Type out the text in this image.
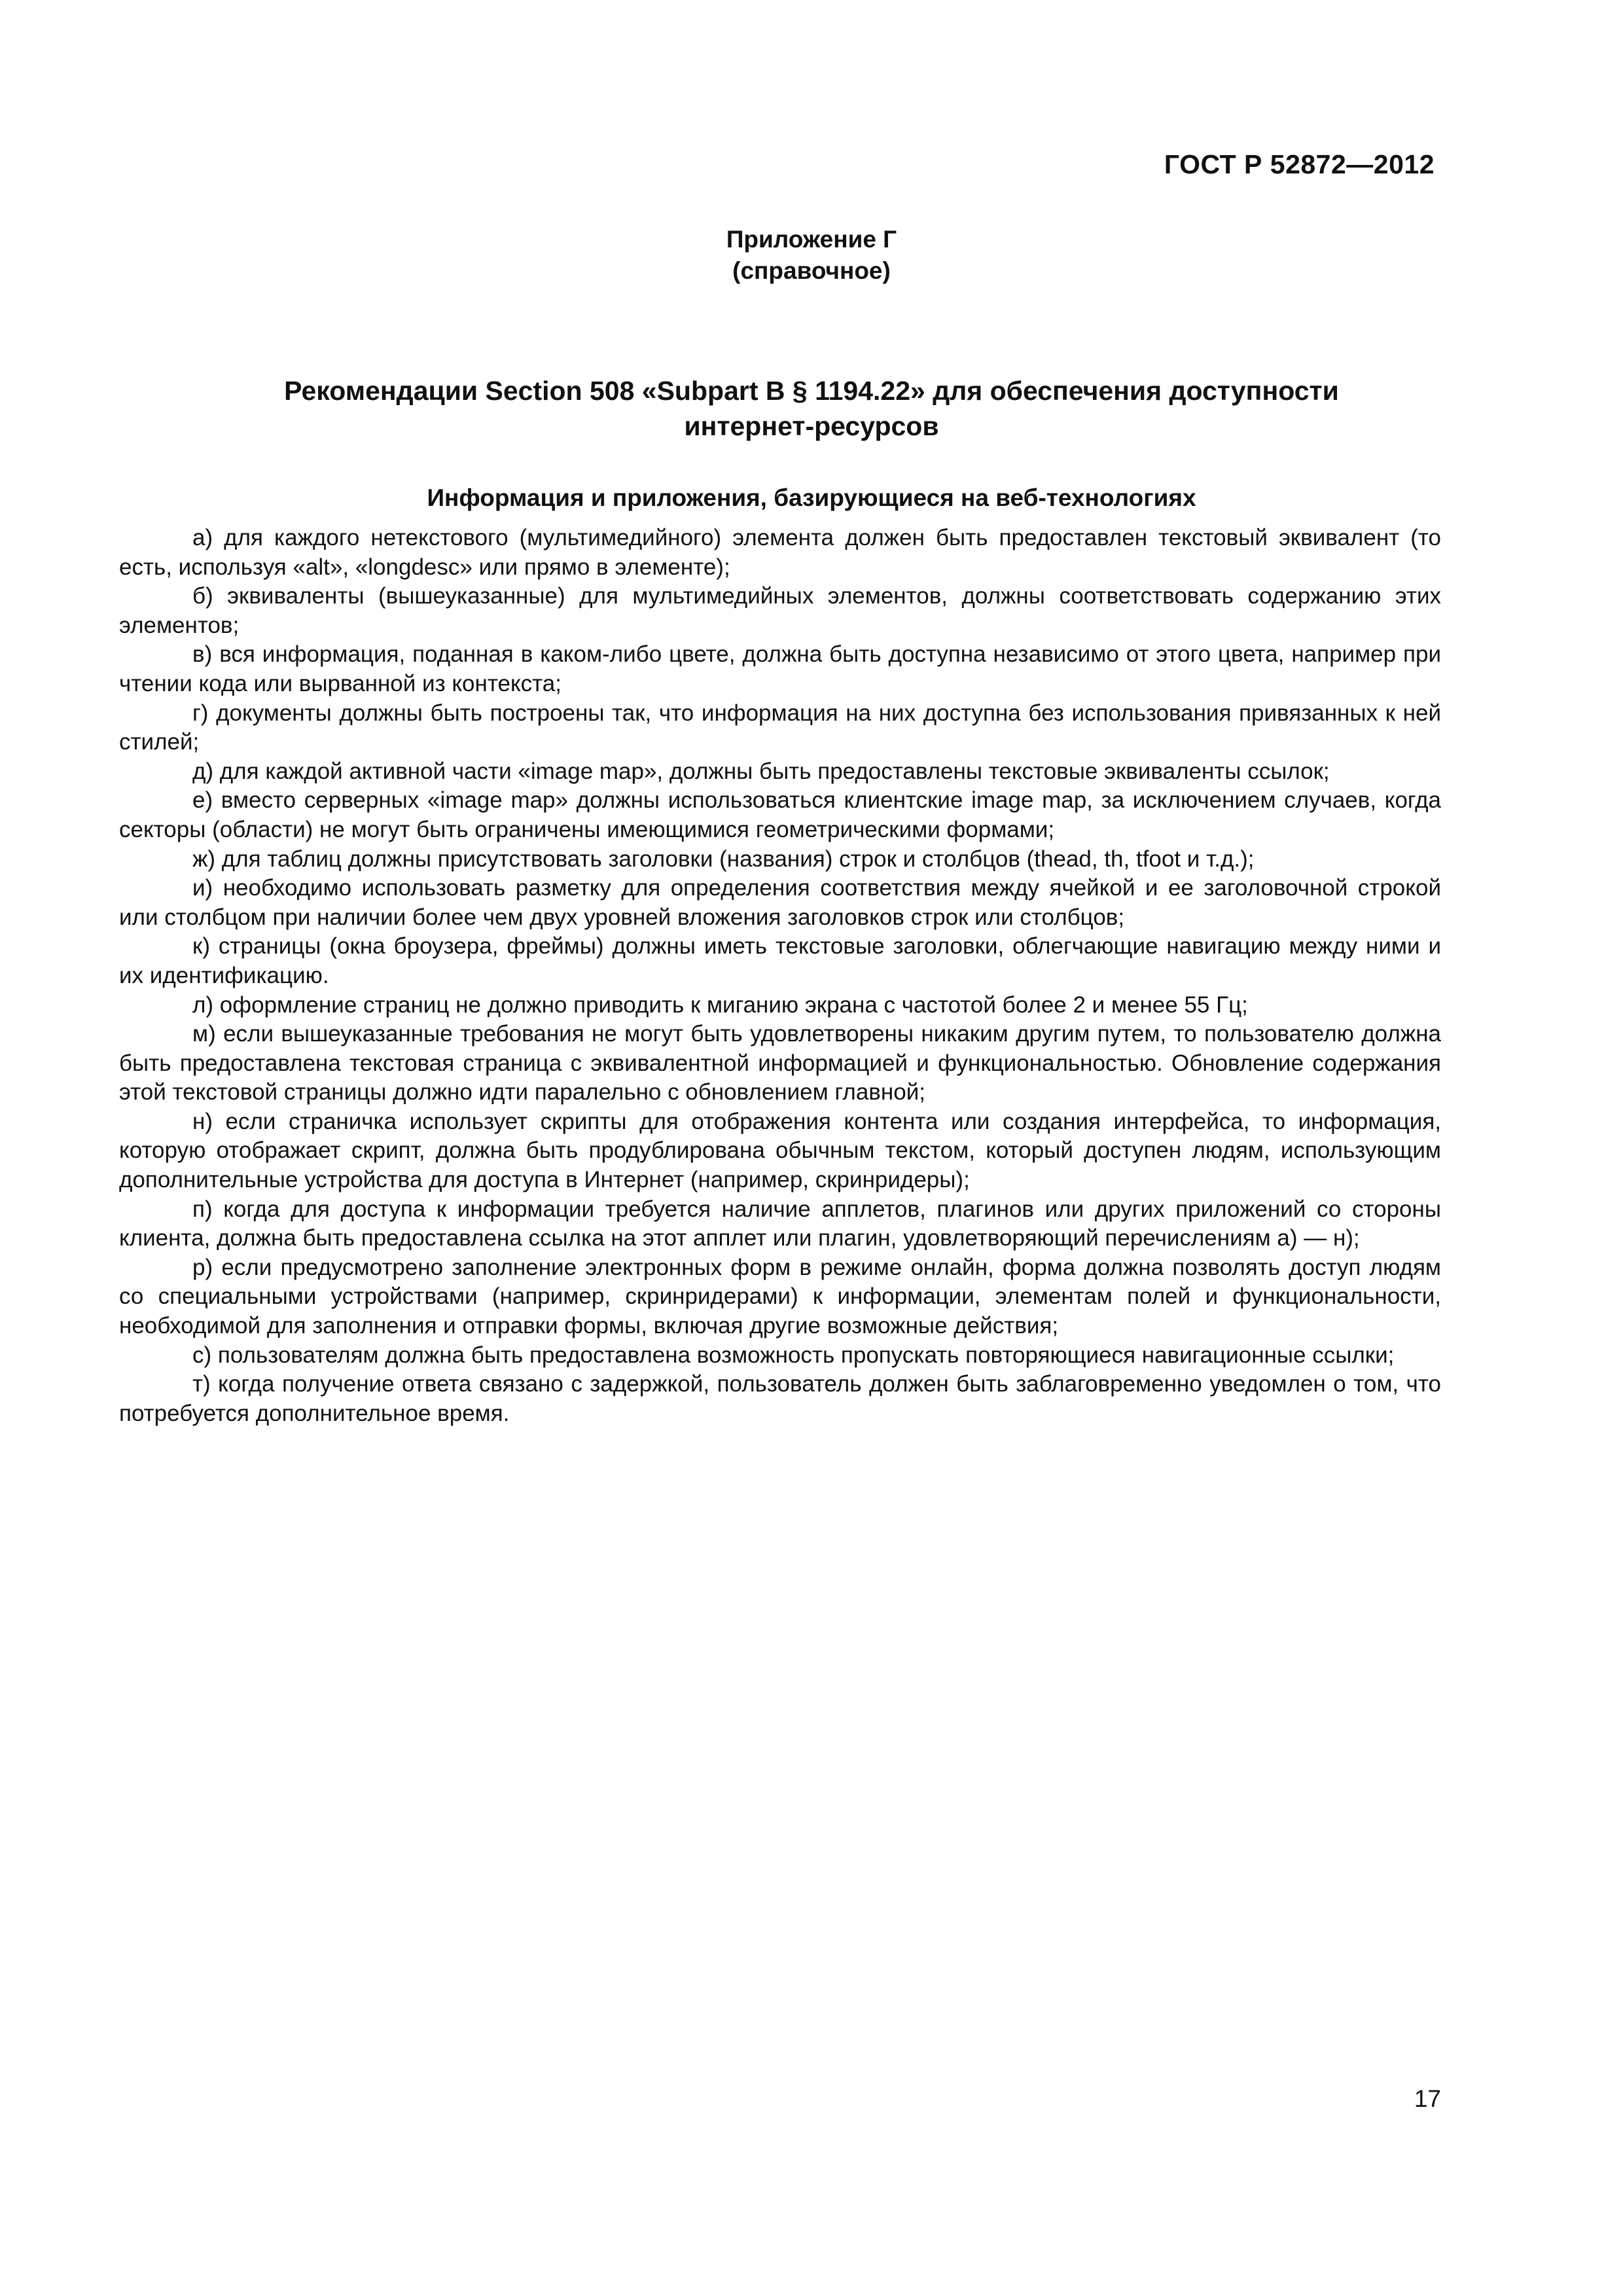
ГОСТ Р 52872—2012
Приложение Г
(справочное)
Рекомендации Section 508 «Subpart B § 1194.22» для обеспечения доступности
интернет-ресурсов
Информация и приложения, базирующиеся на веб-технологиях

а) для каждого нетекстового (мультимедийного) элемента должен быть предоставлен текстовый эквивалент (то есть, используя «alt», «longdesc» или прямо в элементе);

б) эквиваленты (вышеуказанные) для мультимедийных элементов, должны соответствовать содержанию этих элементов;

в) вся информация, поданная в каком-либо цвете, должна быть доступна независимо от этого цвета, например при чтении кода или вырванной из контекста;

г) документы должны быть построены так, что информация на них доступна без использования привязанных к ней стилей;

д) для каждой активной части «image map», должны быть предоставлены текстовые эквиваленты ссылок;

е) вместо серверных «image map» должны использоваться клиентские image map, за исключением случаев, когда секторы (области) не могут быть ограничены имеющимися геометрическими формами;

ж) для таблиц должны присутствовать заголовки (названия) строк и столбцов (thead, th, tfoot и т.д.);

и) необходимо использовать разметку для определения соответствия между ячейкой и ее заголовочной строкой или столбцом при наличии более чем двух уровней вложения заголовков строк или столбцов;

к) страницы (окна броузера, фреймы) должны иметь текстовые заголовки, облегчающие навигацию между ними и их идентификацию.

л) оформление страниц не должно приводить к миганию экрана с частотой более 2 и менее 55 Гц;

м) если вышеуказанные требования не могут быть удовлетворены никаким другим путем, то пользователю должна быть предоставлена текстовая страница с эквивалентной информацией и функциональностью. Обновление содержания этой текстовой страницы должно идти паралельно с обновлением главной;

н) если страничка использует скрипты для отображения контента или создания интерфейса, то информация, которую отображает скрипт, должна быть продублирована обычным текстом, который доступен людям, использующим дополнительные устройства для доступа в Интернет (например, скринридеры);

п) когда для доступа к информации требуется наличие апплетов, плагинов или других приложений со стороны клиента, должна быть предоставлена ссылка на этот апплет или плагин, удовлетворяющий перечислениям а) — н);

р) если предусмотрено заполнение электронных форм в режиме онлайн, форма должна позволять доступ людям со специальными устройствами (например, скринридерами) к информации, элементам полей и функциональности, необходимой для заполнения и отправки формы, включая другие возможные действия;

с) пользователям должна быть предоставлена возможность пропускать повторяющиеся навигационные ссылки;

т) когда получение ответа связано с задержкой, пользователь должен быть заблаговременно уведомлен о том, что потребуется дополнительное время.

17
